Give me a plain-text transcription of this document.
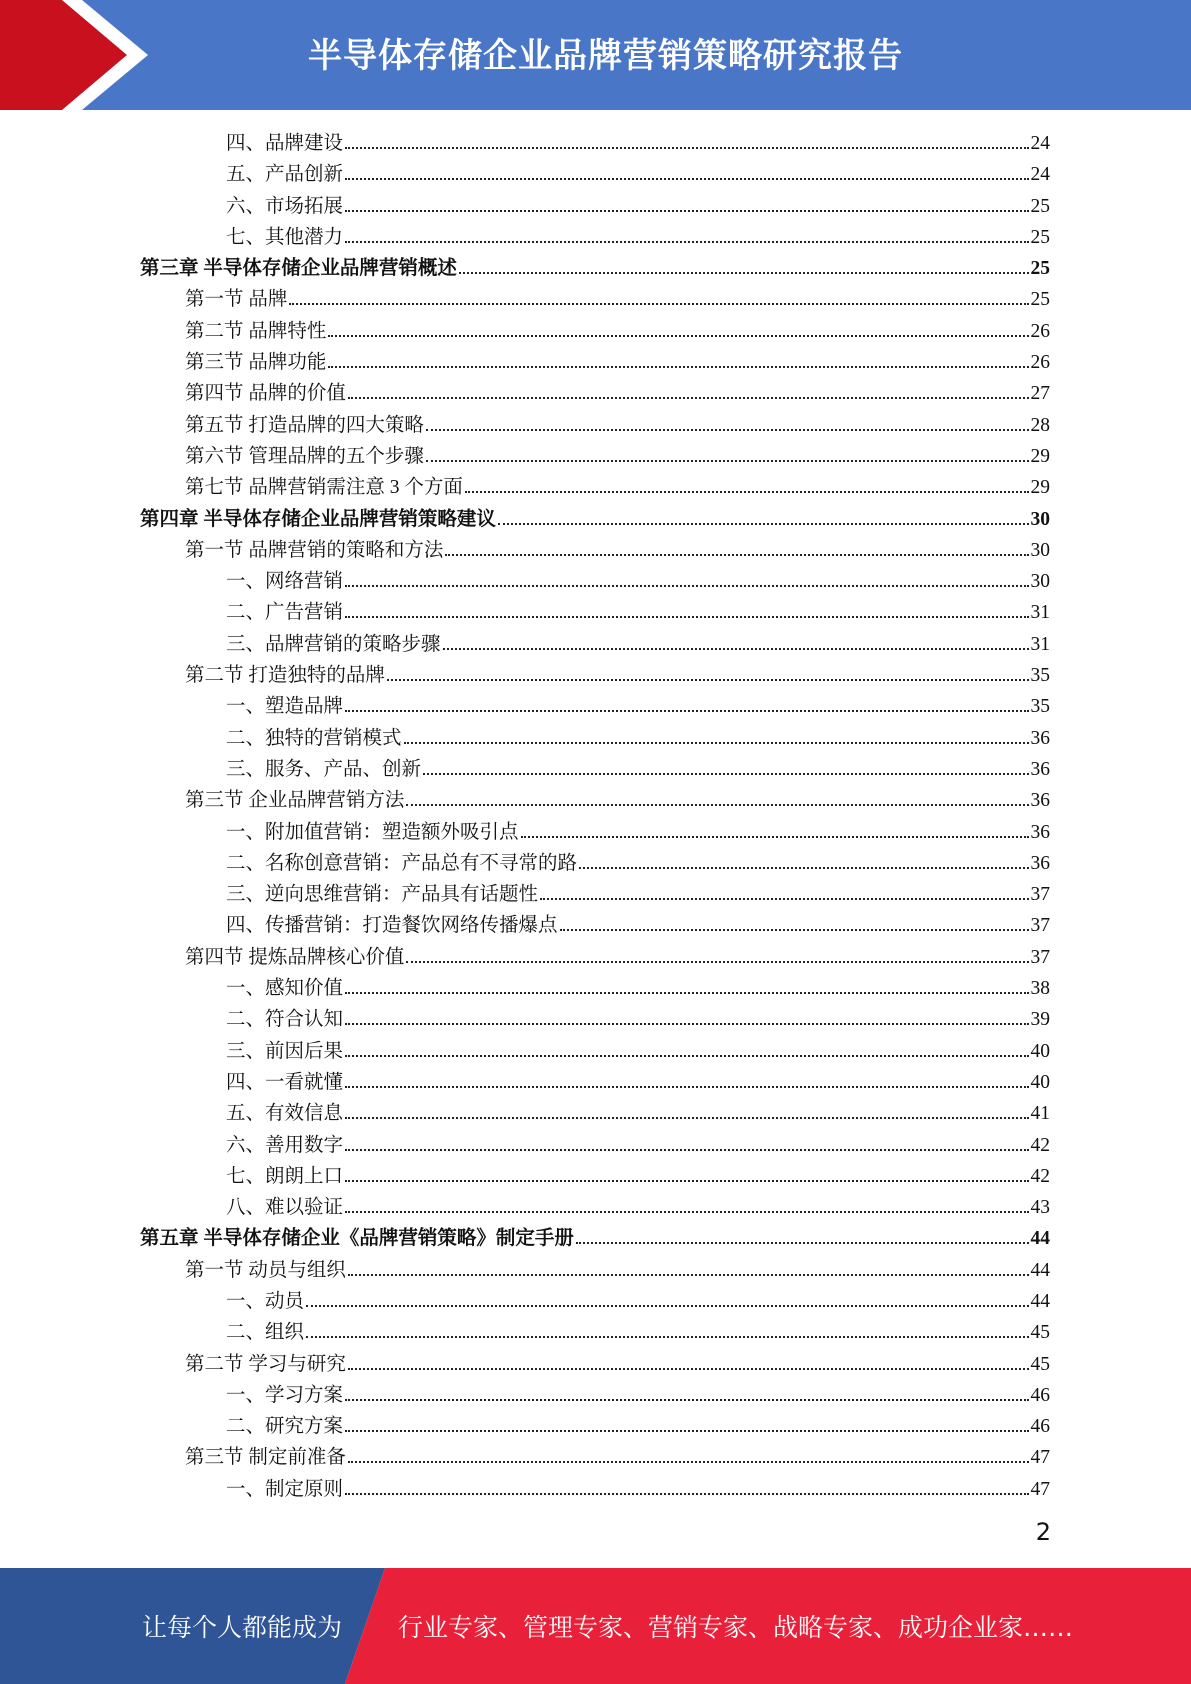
半导体存储企业品牌营销策略研究报告
四、品牌建设	24
五、产品创新	24
六、市场拓展	25
七、其他潜力	25
第三章 半导体存储企业品牌营销概述	25
第一节 品牌	25
第二节 品牌特性	26
第三节 品牌功能	26
第四节 品牌的价值	27
第五节 打造品牌的四大策略	28
第六节 管理品牌的五个步骤	29
第七节 品牌营销需注意 3 个方面	29
第四章 半导体存储企业品牌营销策略建议	30
第一节 品牌营销的策略和方法	30
一、网络营销	30
二、广告营销	31
三、品牌营销的策略步骤	31
第二节 打造独特的品牌	35
一、塑造品牌	35
二、独特的营销模式	36
三、服务、产品、创新	36
第三节 企业品牌营销方法	36
一、附加值营销：塑造额外吸引点	36
二、名称创意营销：产品总有不寻常的路	36
三、逆向思维营销：产品具有话题性	37
四、传播营销：打造餐饮网络传播爆点	37
第四节 提炼品牌核心价值	37
一、感知价值	38
二、符合认知	39
三、前因后果	40
四、一看就懂	40
五、有效信息	41
六、善用数字	42
七、朗朗上口	42
八、难以验证	43
第五章 半导体存储企业《品牌营销策略》制定手册	44
第一节 动员与组织	44
一、动员	44
二、组织	45
第二节 学习与研究	45
一、学习方案	46
二、研究方案	46
第三节 制定前准备	47
一、制定原则	47
2
让每个人都能成为 行业专家、管理专家、营销专家、战略专家、成功企业家……
